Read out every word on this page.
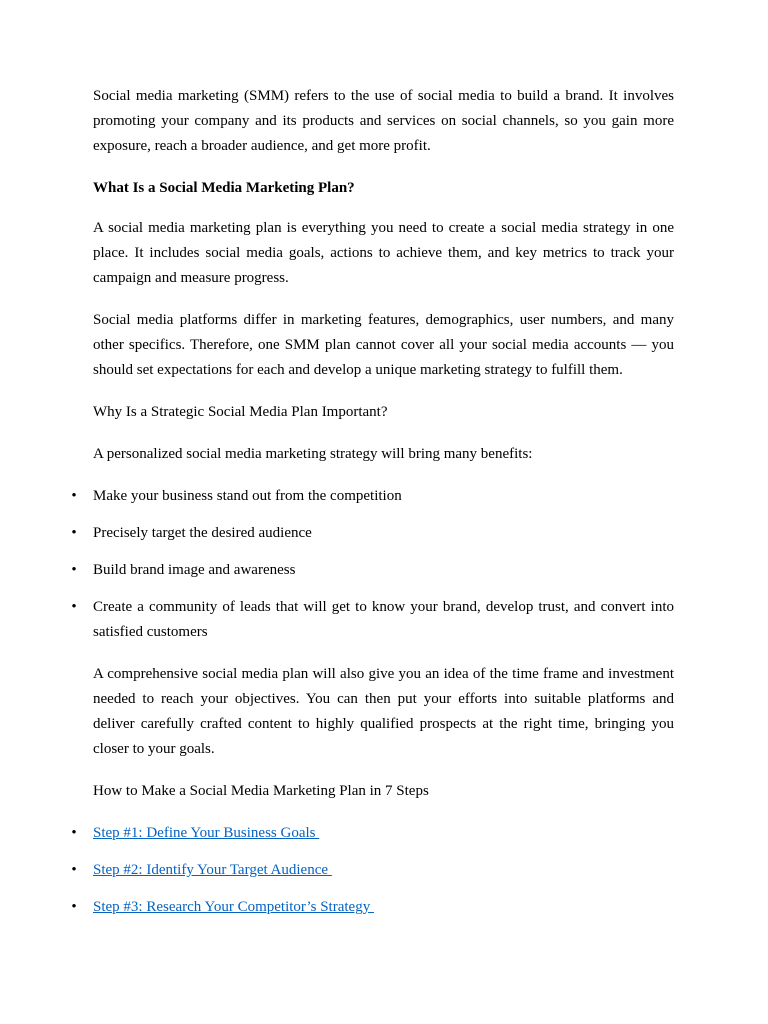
Social media marketing (SMM) refers to the use of social media to build a brand. It involves promoting your company and its products and services on social channels, so you gain more exposure, reach a broader audience, and get more profit.

What Is a Social Media Marketing Plan?

A social media marketing plan is everything you need to create a social media strategy in one place. It includes social media goals, actions to achieve them, and key metrics to track your campaign and measure progress.

Social media platforms differ in marketing features, demographics, user numbers, and many other specifics. Therefore, one SMM plan cannot cover all your social media accounts — you should set expectations for each and develop a unique marketing strategy to fulfill them.

Why Is a Strategic Social Media Plan Important?

A personalized social media marketing strategy will bring many benefits:

• Make your business stand out from the competition
• Precisely target the desired audience
• Build brand image and awareness
• Create a community of leads that will get to know your brand, develop trust, and convert into satisfied customers

A comprehensive social media plan will also give you an idea of the time frame and investment needed to reach your objectives. You can then put your efforts into suitable platforms and deliver carefully crafted content to highly qualified prospects at the right time, bringing you closer to your goals.

How to Make a Social Media Marketing Plan in 7 Steps
• Step #1: Define Your Business Goals
• Step #2: Identify Your Target Audience
• Step #3: Research Your Competitor’s Strategy
